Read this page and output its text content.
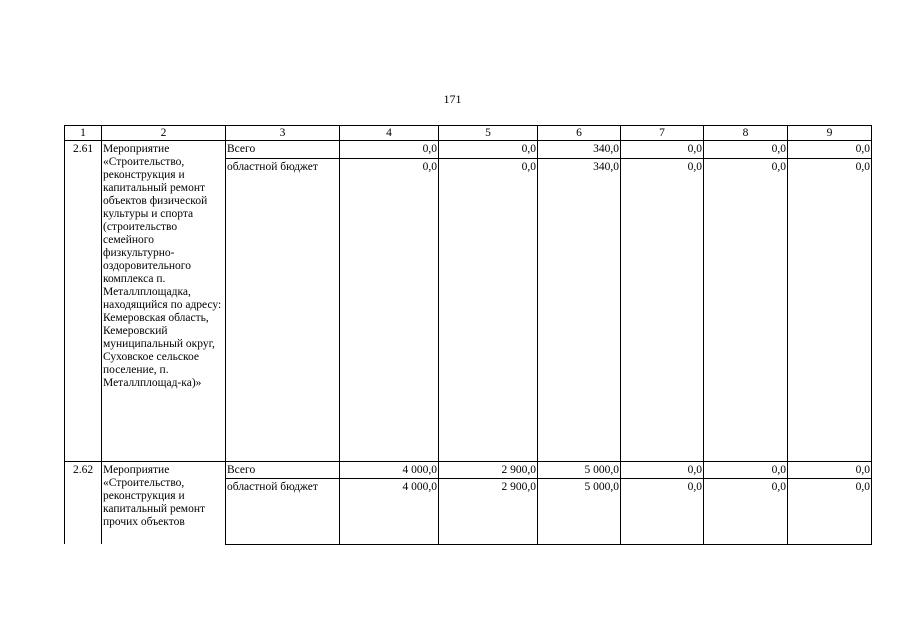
171
1	2	3	4	5	6	7	8	9
2.61	Мероприятие «Строительство, реконструкция и капитальный ремонт объектов физической культуры и спорта (строительство семейного физкультурно-оздоровительного комплекса п. Металлплощадка, находящийся по адресу: Кемеровская область, Кемеровский муниципальный округ, Суховское сельское поселение, п. Металлплощад-ка)»	Всего	0,0	0,0	340,0	0,0	0,0	0,0
		областной бюджет	0,0	0,0	340,0	0,0	0,0	0,0

2.62	Мероприятие «Строительство, реконструкция и капитальный ремонт прочих объектов	Всего	4 000,0	2 900,0	5 000,0	0,0	0,0	0,0
		областной бюджет	4 000,0	2 900,0	5 000,0	0,0	0,0	0,0
